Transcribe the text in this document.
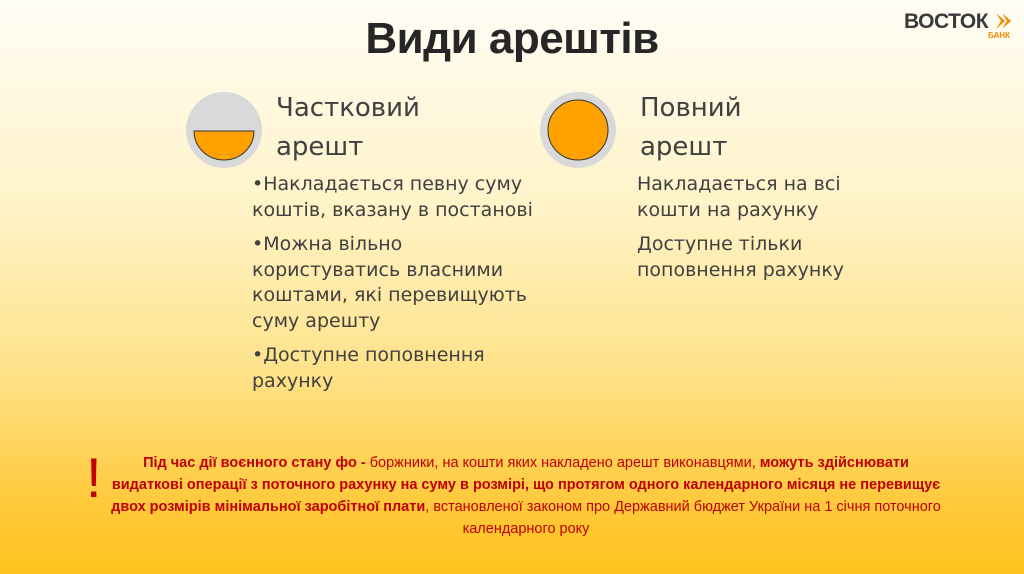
Види арештів	ВОСТОК
БАНК
Частковий
арешт

•Накладається певну суму коштів, вказану в постанові

•Можна вільно користуватись власними коштами, які перевищують суму арешту

•Доступне поповнення рахунку

Повний
арешт

Накладається на всі кошти на рахунку

Доступне тільки поповнення рахунку

!	Під час дії воєнного стану фо - боржники, на кошти яких накладено арешт виконавцями, можуть здійснювати видаткові операції з поточного рахунку на суму в розмірі, що протягом одного календарного місяця не перевищує двох розмірів мінімальної заробітної плати, встановленої законом про Державний бюджет України на 1 січня поточного календарного року
